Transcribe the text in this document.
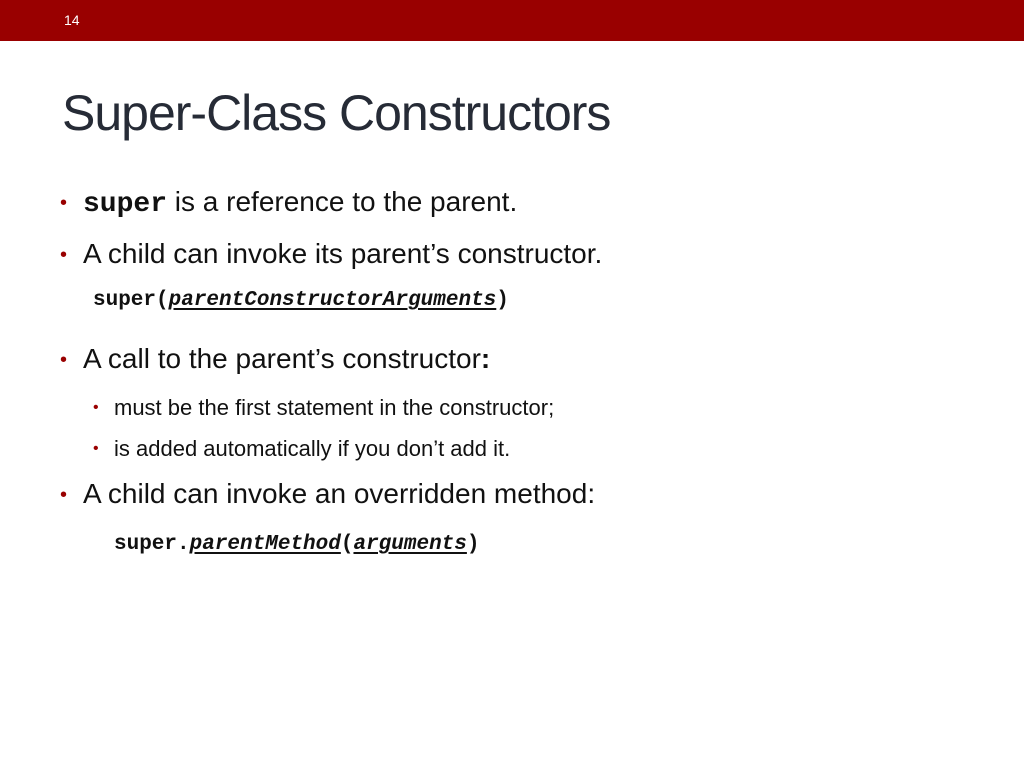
14
Super-Class Constructors
• super is a reference to the parent.
• A child can invoke its parent’s constructor.
super(parentConstructorArguments)
• A call to the parent’s constructor:
• must be the first statement in the constructor;
• is added automatically if you don’t add it.
• A child can invoke an overridden method:
super.parentMethod(arguments)
